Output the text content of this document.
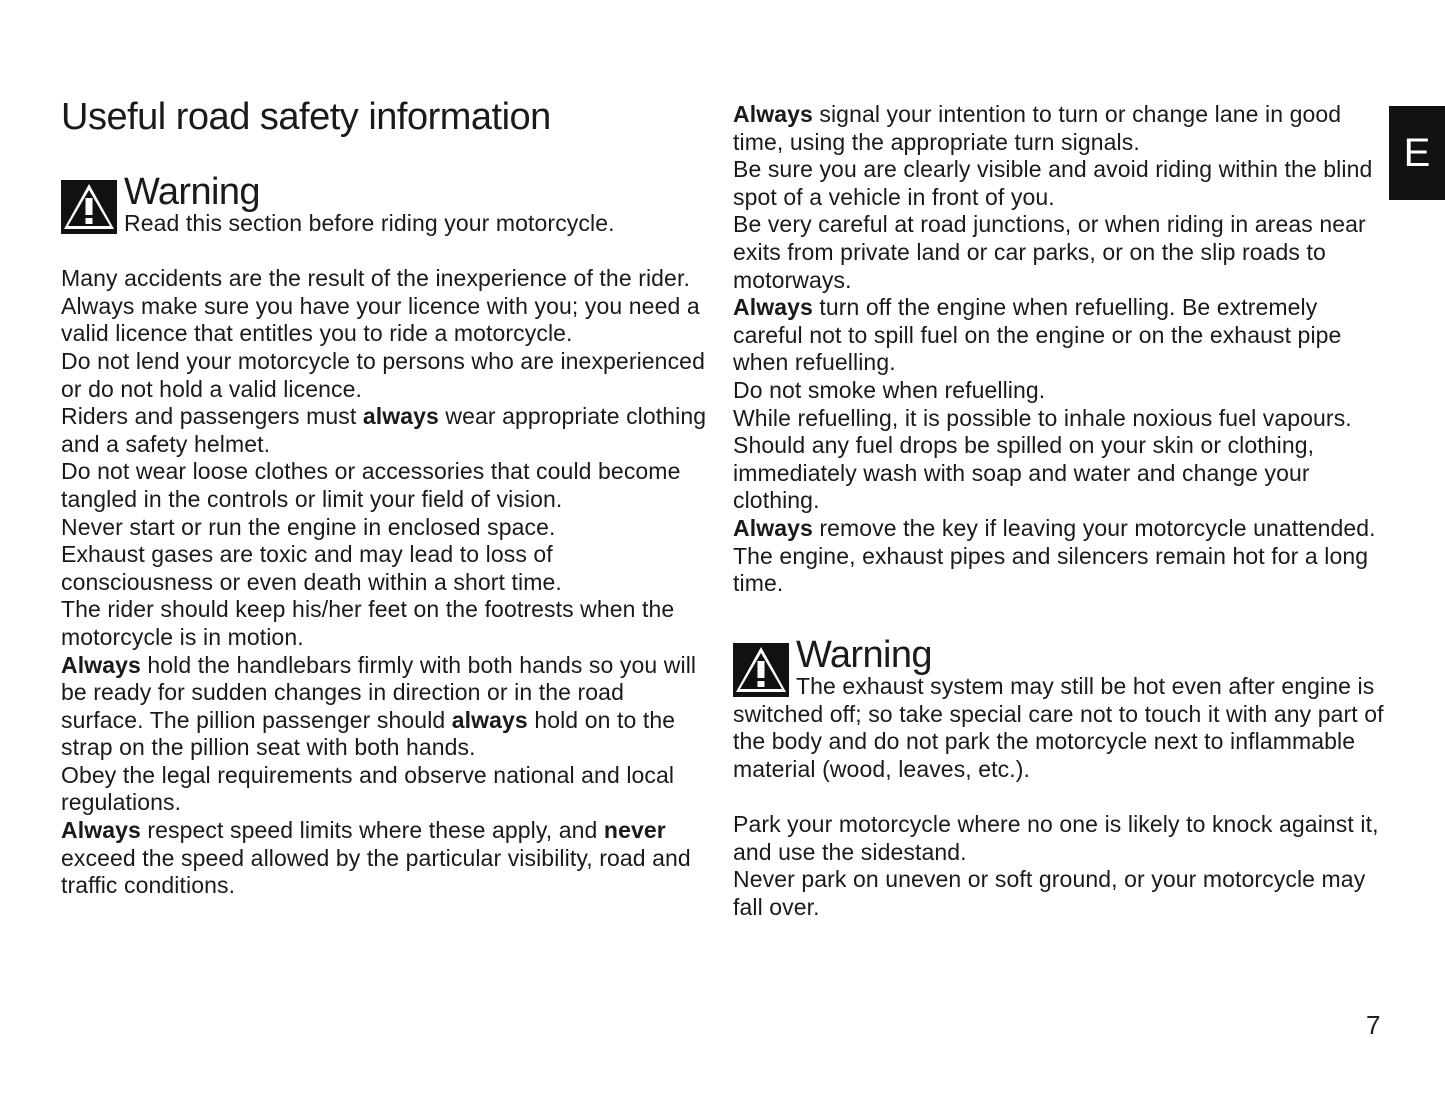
Useful road safety information
E
Warning

Read this section before riding your motorcycle.

Many accidents are the result of the inexperience of the rider. Always make sure you have your licence with you; you need a valid licence that entitles you to ride a motorcycle.

Do not lend your motorcycle to persons who are inexperienced or do not hold a valid licence.

Riders and passengers must always wear appropriate clothing and a safety helmet.

Do not wear loose clothes or accessories that could become tangled in the controls or limit your field of vision.

Never start or run the engine in enclosed space.

Exhaust gases are toxic and may lead to loss of consciousness or even death within a short time.

The rider should keep his/her feet on the footrests when the motorcycle is in motion.

Always hold the handlebars firmly with both hands so you will be ready for sudden changes in direction or in the road surface. The pillion passenger should always hold on to the strap on the pillion seat with both hands.

Obey the legal requirements and observe national and local regulations.

Always respect speed limits where these apply, and never exceed the speed allowed by the particular visibility, road and traffic conditions.

Always signal your intention to turn or change lane in good time, using the appropriate turn signals.

Be sure you are clearly visible and avoid riding within the blind spot of a vehicle in front of you.

Be very careful at road junctions, or when riding in areas near exits from private land or car parks, or on the slip roads to motorways.

Always turn off the engine when refuelling. Be extremely careful not to spill fuel on the engine or on the exhaust pipe when refuelling.

Do not smoke when refuelling.

While refuelling, it is possible to inhale noxious fuel vapours. Should any fuel drops be spilled on your skin or clothing, immediately wash with soap and water and change your clothing.

Always remove the key if leaving your motorcycle unattended.

The engine, exhaust pipes and silencers remain hot for a long time.

Warning

The exhaust system may still be hot even after engine is switched off; so take special care not to touch it with any part of the body and do not park the motorcycle next to inflammable material (wood, leaves, etc.).

Park your motorcycle where no one is likely to knock against it, and use the sidestand.

Never park on uneven or soft ground, or your motorcycle may fall over.

7
